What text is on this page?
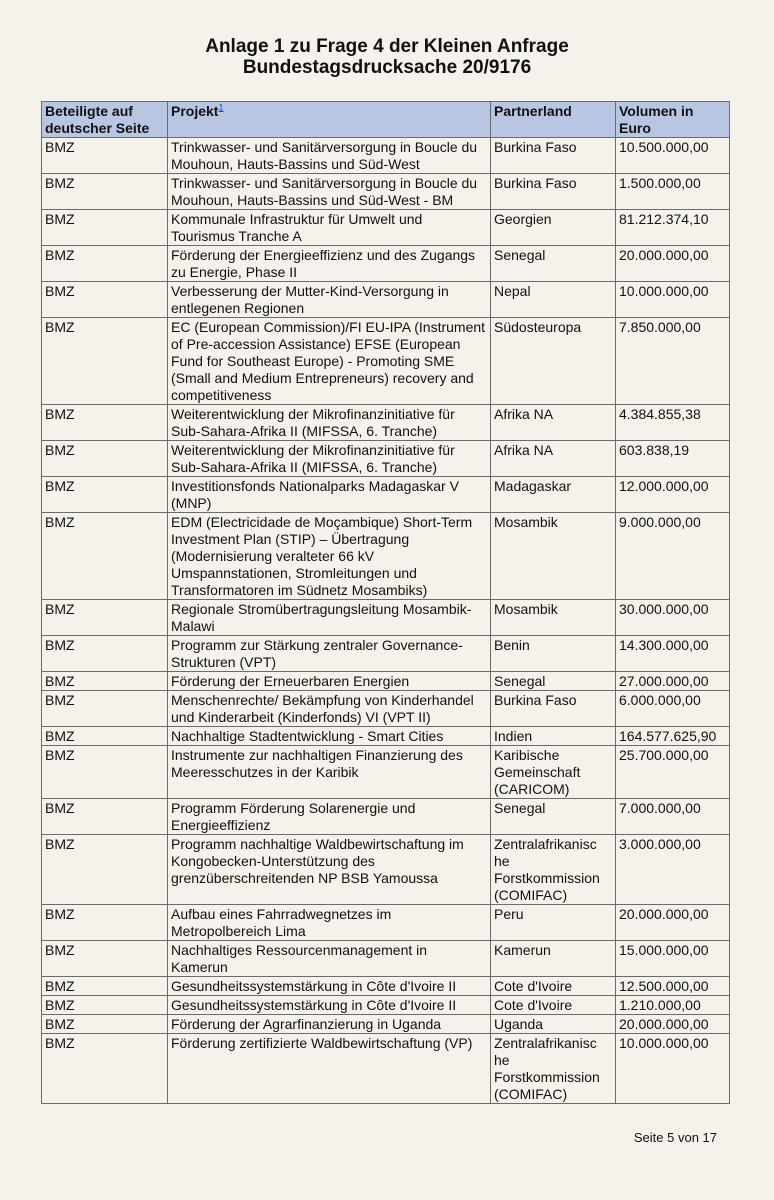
Anlage 1 zu Frage 4 der Kleinen Anfrage
Bundestagsdrucksache 20/9176
Beteiligte auf deutscher Seite	Projekt$^1$	Partnerland	Volumen in Euro
BMZ	Trinkwasser- und Sanitärversorgung in Boucle du Mouhoun, Hauts-Bassins und Süd-West	Burkina Faso	10.500.000,00
BMZ	Trinkwasser- und Sanitärversorgung in Boucle du Mouhoun, Hauts-Bassins und Süd-West - BM	Burkina Faso	1.500.000,00
BMZ	Kommunale Infrastruktur für Umwelt und Tourismus Tranche A	Georgien	81.212.374,10
BMZ	Förderung der Energieeffizienz und des Zugangs zu Energie, Phase II	Senegal	20.000.000,00
BMZ	Verbesserung der Mutter-Kind-Versorgung in entlegenen Regionen	Nepal	10.000.000,00
BMZ	EC (European Commission)/FI EU-IPA (Instrument of Pre-accession Assistance) EFSE (European Fund for Southeast Europe) - Promoting SME (Small and Medium Entrepreneurs) recovery and competitiveness	Südosteuropa	7.850.000,00
BMZ	Weiterentwicklung der Mikrofinanzinitiative für Sub-Sahara-Afrika II (MIFSSA, 6. Tranche)	Afrika NA	4.384.855,38
BMZ	Weiterentwicklung der Mikrofinanzinitiative für Sub-Sahara-Afrika II (MIFSSA, 6. Tranche)	Afrika NA	603.838,19
BMZ	Investitionsfonds Nationalparks Madagaskar V (MNP)	Madagaskar	12.000.000,00
BMZ	EDM (Electricidade de Moçambique) Short-Term Investment Plan (STIP) – Übertragung (Modernisierung veralteter 66 kV Umspannstationen, Stromleitungen und Transformatoren im Südnetz Mosambiks)	Mosambik	9.000.000,00
BMZ	Regionale Stromübertragungsleitung Mosambik-Malawi	Mosambik	30.000.000,00
BMZ	Programm zur Stärkung zentraler Governance-Strukturen (VPT)	Benin	14.300.000,00
BMZ	Förderung der Erneuerbaren Energien	Senegal	27.000.000,00
BMZ	Menschenrechte/ Bekämpfung von Kinderhandel und Kinderarbeit (Kinderfonds) VI (VPT II)	Burkina Faso	6.000.000,00
BMZ	Nachhaltige Stadtentwicklung - Smart Cities	Indien	164.577.625,90
BMZ	Instrumente zur nachhaltigen Finanzierung des Meeresschutzes in der Karibik	Karibische Gemeinschaft (CARICOM)	25.700.000,00
BMZ	Programm Förderung Solarenergie und Energieeffizienz	Senegal	7.000.000,00
BMZ	Programm nachhaltige Waldbewirtschaftung im Kongobecken-Unterstützung des grenzüberschreitenden NP BSB Yamoussa	Zentralafrikanisc he Forstkommission (COMIFAC)	3.000.000,00
BMZ	Aufbau eines Fahrradwegnetzes im Metropolbereich Lima	Peru	20.000.000,00
BMZ	Nachhaltiges Ressourcenmanagement in Kamerun	Kamerun	15.000.000,00
BMZ	Gesundheitssystemstärkung in Côte d'Ivoire II	Cote d'Ivoire	12.500.000,00
BMZ	Gesundheitssystemstärkung in Côte d'Ivoire II	Cote d'Ivoire	1.210.000,00
BMZ	Förderung der Agrarfinanzierung in Uganda	Uganda	20.000.000,00
BMZ	Förderung zertifizierte Waldbewirtschaftung (VP)	Zentralafrikanisc he Forstkommission (COMIFAC)	10.000.000,00
Seite 5 von 17
